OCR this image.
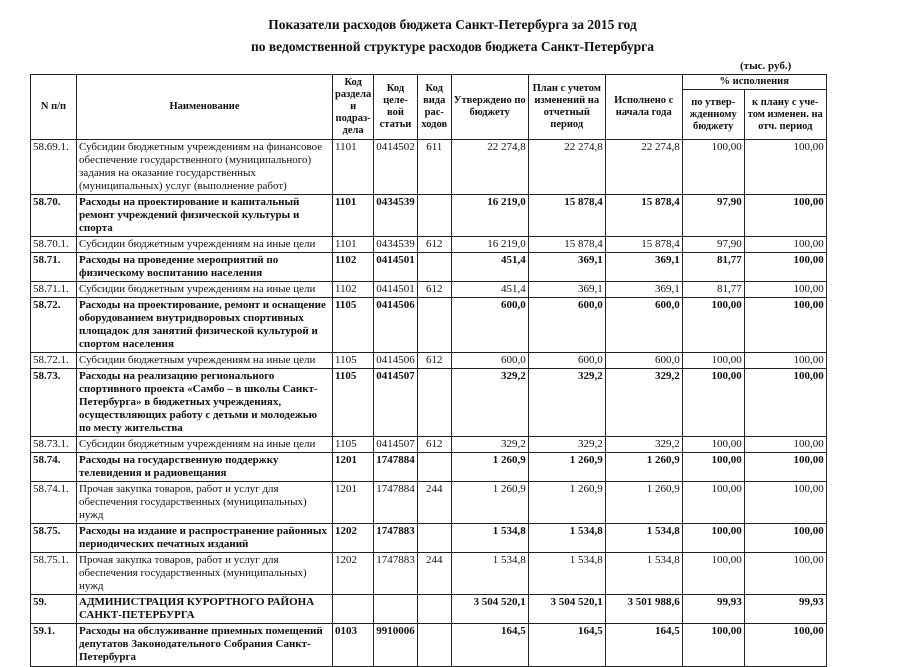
Показатели расходов бюджета Санкт-Петербурга за 2015 год
по ведомственной структуре расходов бюджета Санкт-Петербурга
(тыс. руб.)
N п/п	Наименование	Код раздела и подраз-дела	Код целе-вой статьи	Код вида рас-ходов	Утверждено по бюджету	План с учетом изменений на отчетный период	Исполнено с начала года	% исполнения	
								по утвер-жденному бюджету	к плану с уче-том изменен. на отч. период
58.69.1.	Субсидии бюджетным учреждениям на финансовое обеспечение государственного (муниципального) задания на оказание государственных (муниципальных) услуг (выполнение работ)	1101	0414502	611	22 274,8	22 274,8	22 274,8	100,00	100,00
58.70.	Расходы на проектирование и капитальный ремонт учреждений физической культуры и спорта	1101	0434539		16 219,0	15 878,4	15 878,4	97,90	100,00
58.70.1.	Субсидии бюджетным учреждениям на иные цели	1101	0434539	612	16 219,0	15 878,4	15 878,4	97,90	100,00
58.71.	Расходы на проведение мероприятий по физическому воспитанию населения	1102	0414501		451,4	369,1	369,1	81,77	100,00
58.71.1.	Субсидии бюджетным учреждениям на иные цели	1102	0414501	612	451,4	369,1	369,1	81,77	100,00
58.72.	Расходы на проектирование, ремонт и оснащение оборудованием внутридворовых спортивных площадок для занятий физической культурой и спортом населения	1105	0414506		600,0	600,0	600,0	100,00	100,00
58.72.1.	Субсидии бюджетным учреждениям на иные цели	1105	0414506	612	600,0	600,0	600,0	100,00	100,00
58.73.	Расходы на реализацию регионального спортивного проекта «Самбо – в школы Санкт-Петербурга» в бюджетных учреждениях, осуществляющих работу с детьми и молодежью по месту жительства	1105	0414507		329,2	329,2	329,2	100,00	100,00
58.73.1.	Субсидии бюджетным учреждениям на иные цели	1105	0414507	612	329,2	329,2	329,2	100,00	100,00
58.74.	Расходы на государственную поддержку телевидения и радиовещания	1201	1747884		1 260,9	1 260,9	1 260,9	100,00	100,00
58.74.1.	Прочая закупка товаров, работ и услуг для обеспечения государственных (муниципальных) нужд	1201	1747884	244	1 260,9	1 260,9	1 260,9	100,00	100,00
58.75.	Расходы на издание и распространение районных периодических печатных изданий	1202	1747883		1 534,8	1 534,8	1 534,8	100,00	100,00
58.75.1.	Прочая закупка товаров, работ и услуг для обеспечения государственных (муниципальных) нужд	1202	1747883	244	1 534,8	1 534,8	1 534,8	100,00	100,00
59.	АДМИНИСТРАЦИЯ КУРОРТНОГО РАЙОНА САНКТ-ПЕТЕРБУРГА				3 504 520,1	3 504 520,1	3 501 988,6	99,93	99,93
59.1.	Расходы на обслуживание приемных помещений депутатов Законодательного Собрания Санкт-Петербурга	0103	9910006		164,5	164,5	164,5	100,00	100,00
